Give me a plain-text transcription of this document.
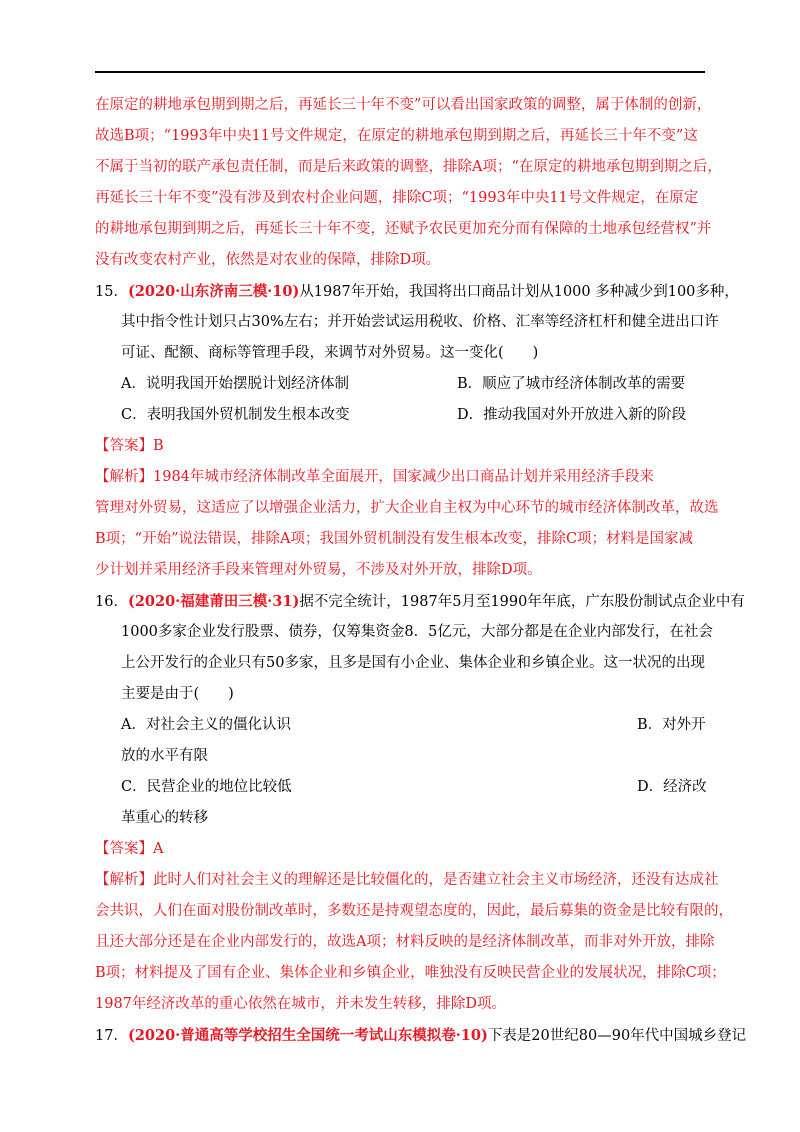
在原定的耕地承包期到期之后，再延长三十年不变”可以看出国家政策的调整，属于体制的创新，
故选B项；“1993年中央11号文件规定，在原定的耕地承包期到期之后，再延长三十年不变”这
不属于当初的联产承包责任制，而是后来政策的调整，排除A项；“在原定的耕地承包期到期之后，
再延长三十年不变”没有涉及到农村企业问题，排除C项；“1993年中央11号文件规定，在原定
的耕地承包期到期之后，再延长三十年不变，还赋予农民更加充分而有保障的土地承包经营权”并
没有改变农村产业，依然是对农业的保障，排除D项。
15．(2020·山东济南三模·10)从1987年开始，我国将出口商品计划从1000 多种减少到100多种，
其中指令性计划只占30%左右；并开始尝试运用税收、价格、汇率等经济杠杆和健全进出口许
可证、配额、商标等管理手段，来调节对外贸易。这一变化(　　)
A．说明我国开始摆脱计划经济体制	B．顺应了城市经济体制改革的需要
C．表明我国外贸机制发生根本改变	D．推动我国对外开放进入新的阶段
【答案】B
【解析】1984年城市经济体制改革全面展开，国家减少出口商品计划并采用经济手段来
管理对外贸易，这适应了以增强企业活力，扩大企业自主权为中心环节的城市经济体制改革，故选
B项；“开始”说法错误，排除A项；我国外贸机制没有发生根本改变，排除C项；材料是国家减
少计划并采用经济手段来管理对外贸易，不涉及对外开放，排除D项。
16．(2020·福建莆田三模·31)据不完全统计，1987年5月至1990年年底，广东股份制试点企业中有
1000多家企业发行股票、债券，仅筹集资金8．5亿元，大部分都是在企业内部发行，在社会
上公开发行的企业只有50多家，且多是国有小企业、集体企业和乡镇企业。这一状况的出现
主要是由于(　　)
A．对社会主义的僵化认识	B．对外开
放的水平有限
C．民营企业的地位比较低	D．经济改
革重心的转移
【答案】A
【解析】此时人们对社会主义的理解还是比较僵化的，是否建立社会主义市场经济，还没有达成社
会共识，人们在面对股份制改革时，多数还是持观望态度的，因此，最后募集的资金是比较有限的，
且还大部分还是在企业内部发行的，故选A项；材料反映的是经济体制改革，而非对外开放，排除
B项；材料提及了国有企业、集体企业和乡镇企业，唯独没有反映民营企业的发展状况，排除C项；
1987年经济改革的重心依然在城市，并未发生转移，排除D项。
17．(2020·普通高等学校招生全国统一考试山东模拟卷·10)下表是20世纪80—90年代中国城乡登记
